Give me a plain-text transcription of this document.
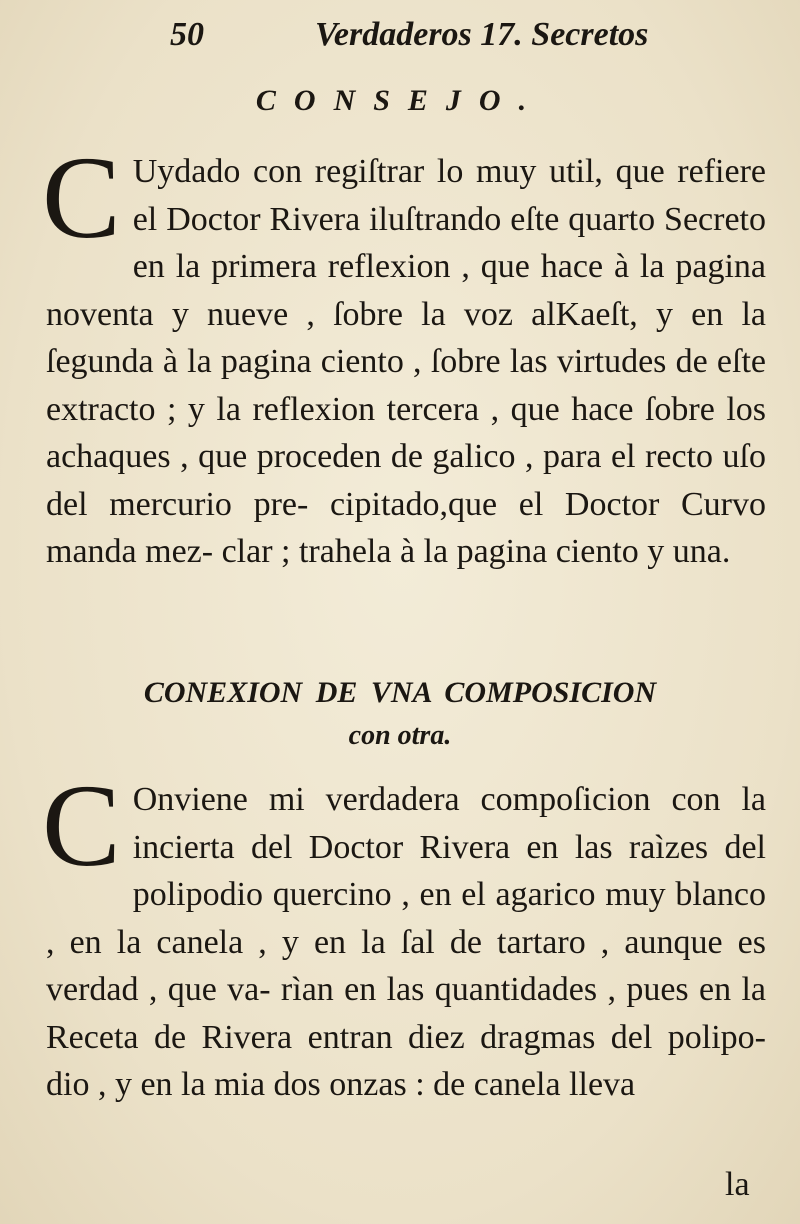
50	Verdaderos 17. Secretos
CONSEJO.

C Uydado con regiſtrar lo muy util, que refiere el Doctor Rivera iluſtrando eſte quarto Secreto en la primera reflexion , que hace à la pagina noventa y nueve , ſobre la voz alKaeſt, y en la ſegunda à la pagina ciento , ſobre las virtudes de eſte extracto ; y la reflexion tercera , que hace ſobre los achaques , que proceden de galico , para el recto uſo del mercurio pre- cipitado,que el Doctor Curvo manda mez- clar ; trahela à la pagina ciento y una.

CONEXION DE VNA COMPOSICION
con otra.

C Onviene mi verdadera compoſicion con la incierta del Doctor Rivera en las raìzes del polipodio quercino , en el agarico muy blanco , en la canela , y en la ſal de tartaro , aunque es verdad , que va- rìan en las quantidades , pues en la Receta de Rivera entran diez dragmas del polipo- dio , y en la mia dos onzas : de canela lleva

la
